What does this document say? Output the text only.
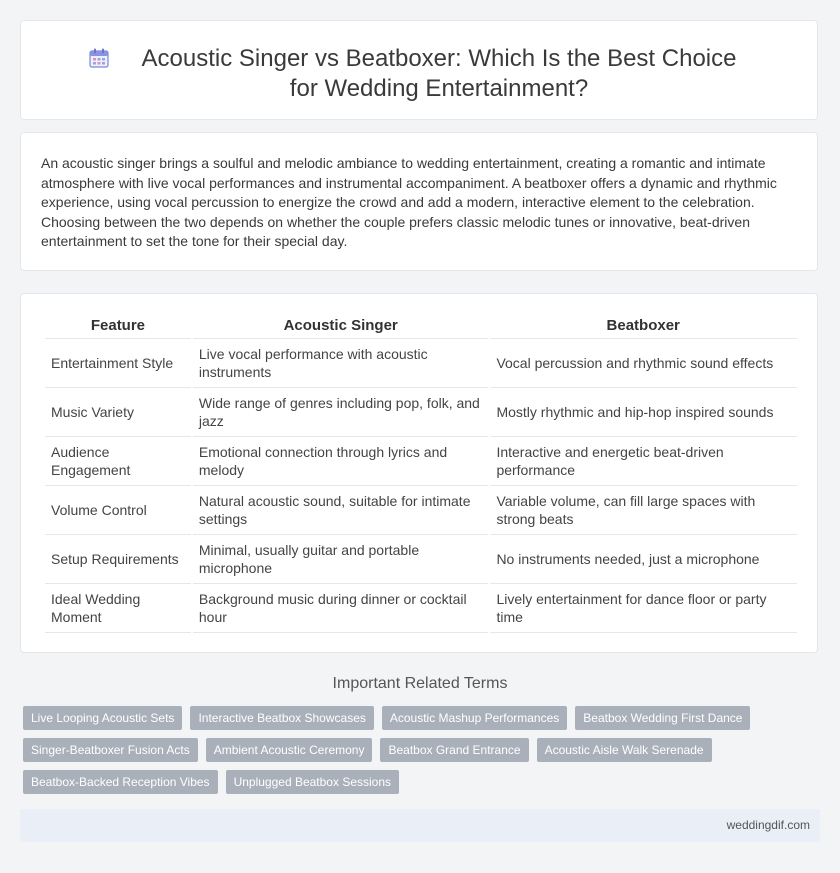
Acoustic Singer vs Beatboxer: Which Is the Best Choice for Wedding Entertainment?
An acoustic singer brings a soulful and melodic ambiance to wedding entertainment, creating a romantic and intimate atmosphere with live vocal performances and instrumental accompaniment. A beatboxer offers a dynamic and rhythmic experience, using vocal percussion to energize the crowd and add a modern, interactive element to the celebration. Choosing between the two depends on whether the couple prefers classic melodic tunes or innovative, beat-driven entertainment to set the tone for their special day.
Feature	Acoustic Singer	Beatboxer
Entertainment Style	Live vocal performance with acoustic instruments	Vocal percussion and rhythmic sound effects
Music Variety	Wide range of genres including pop, folk, and jazz	Mostly rhythmic and hip-hop inspired sounds
Audience Engagement	Emotional connection through lyrics and melody	Interactive and energetic beat-driven performance
Volume Control	Natural acoustic sound, suitable for intimate settings	Variable volume, can fill large spaces with strong beats
Setup Requirements	Minimal, usually guitar and portable microphone	No instruments needed, just a microphone
Ideal Wedding Moment	Background music during dinner or cocktail hour	Lively entertainment for dance floor or party time
Important Related Terms
Live Looping Acoustic Sets	Interactive Beatbox Showcases	Acoustic Mashup Performances	Beatbox Wedding First Dance
Singer-Beatboxer Fusion Acts	Ambient Acoustic Ceremony	Beatbox Grand Entrance	Acoustic Aisle Walk Serenade
Beatbox-Backed Reception Vibes	Unplugged Beatbox Sessions
weddingdif.com
